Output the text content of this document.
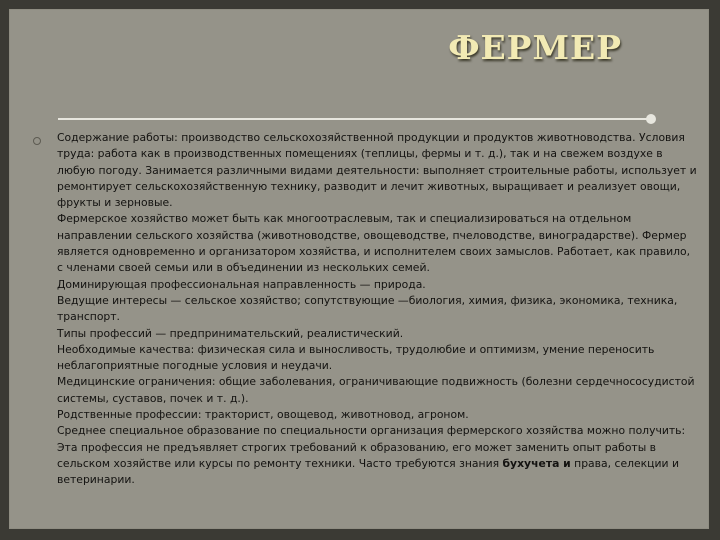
ФЕРМЕР

Содержание работы: производство сельскохозяйственной продукции и продуктов животноводства. Условия труда: работа как в производственных помещениях (теплицы, фермы и т. д.), так и на свежем воздухе в любую погоду. Занимается различными видами деятельности: выполняет строительные работы, использует и ремонтирует сельскохозяйственную технику, разводит и лечит животных, выращивает и реализует овощи, фрукты и зерновые.

Фермерское хозяйство может быть как многоотраслевым, так и специализироваться на отдельном направлении сельского хозяйства (животноводстве, овощеводстве, пчеловодстве, виноградарстве). Фермер является одновременно и организатором хозяйства, и исполнителем своих замыслов. Работает, как правило, с членами своей семьи или в объединении из нескольких семей.

Доминирующая профессиональная направленность — природа.

Ведущие интересы — сельское хозяйство; сопутствующие —биология, химия, физика, экономика, техника, транспорт.

Типы профессий — предпринимательский, реалистический.

Необходимые качества: физическая сила и выносливость, трудолюбие и оптимизм, умение переносить неблагоприятные погодные условия и неудачи.

Медицинские ограничения: общие заболевания, ограничивающие подвижность (болезни сердечнососудистой системы, суставов, почек и т. д.).

Родственные профессии: тракторист, овощевод, животновод, агроном.

Среднее специальное образование по специальности организация фермерского хозяйства можно получить:

Эта профессия не предъявляет строгих требований к образованию, его может заменить опыт работы в сельском хозяйстве или курсы по ремонту техники. Часто требуются знания бухучета и права, селекции и ветеринарии.
